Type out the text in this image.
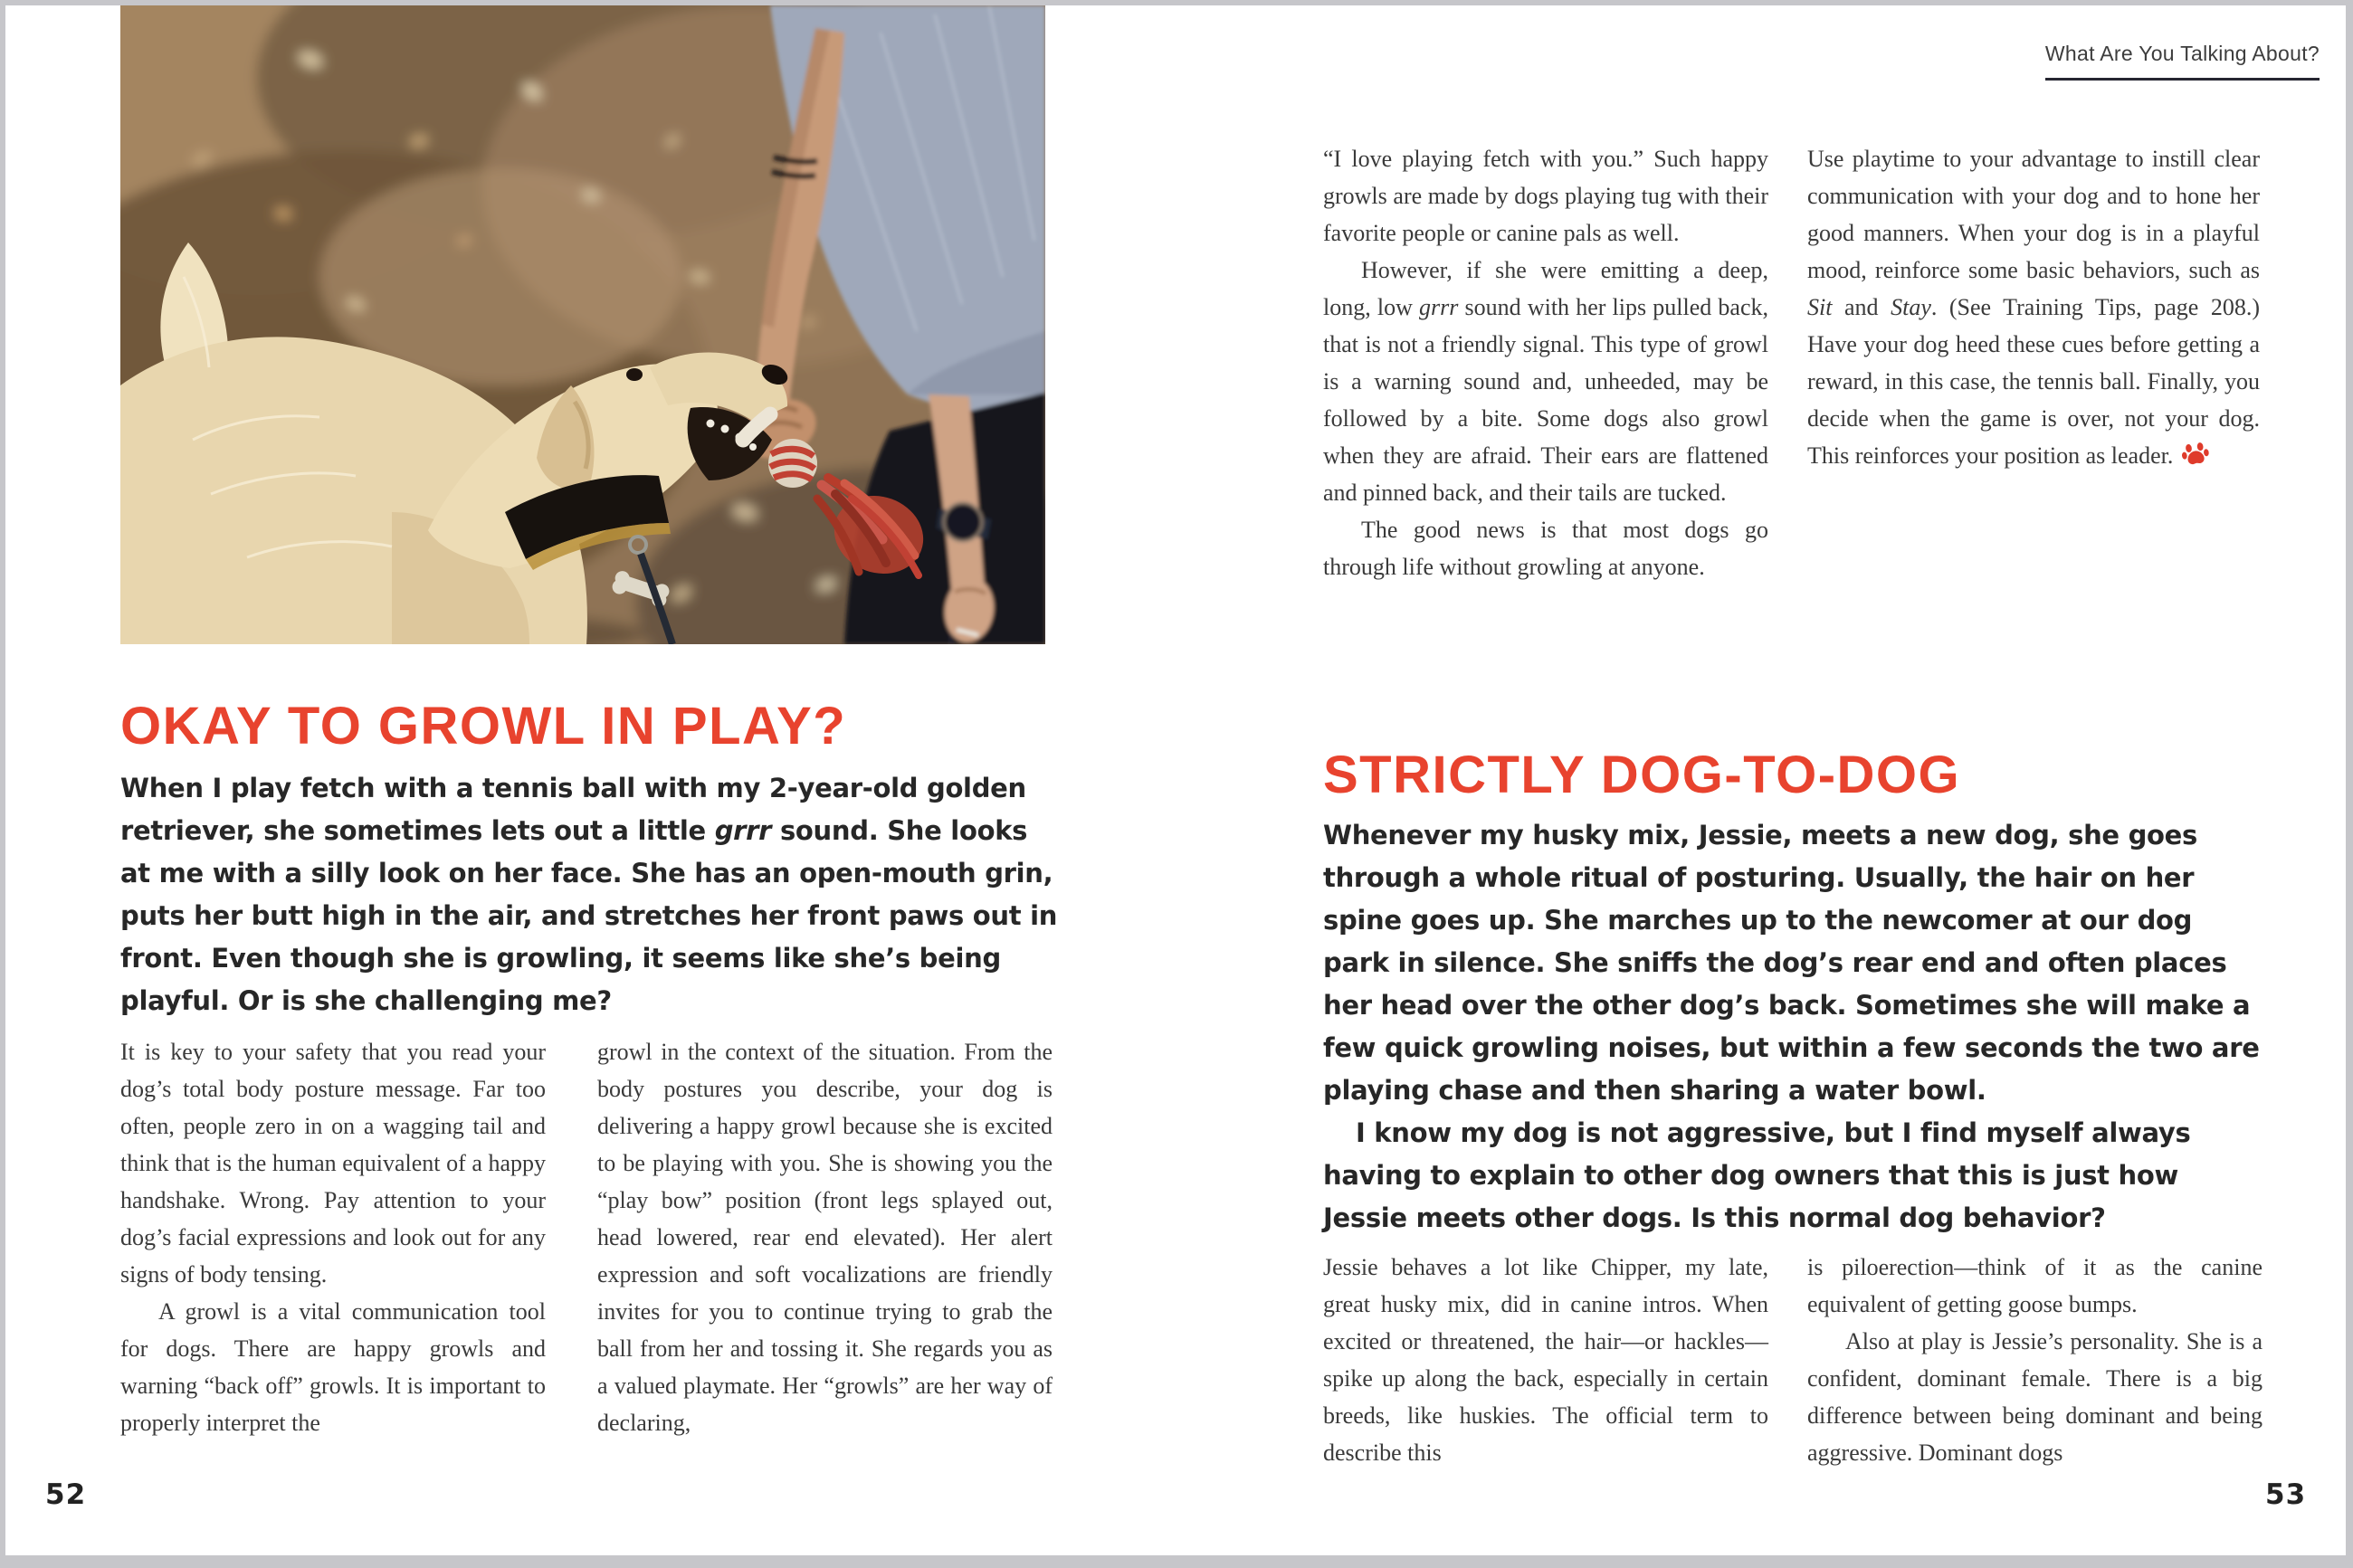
OKAY TO GROWL IN PLAY?

When I play fetch with a tennis ball with my 2-year-old golden retriever, she sometimes lets out a little grrr sound. She looks at me with a silly look on her face. She has an open-mouth grin, puts her butt high in the air, and stretches her front paws out in front. Even though she is growling, it seems like she’s being playful. Or is she challenging me?

It is key to your safety that you read your dog’s total body posture message. Far too often, people zero in on a wagging tail and think that is the human equivalent of a happy handshake. Wrong. Pay attention to your dog’s facial expressions and look out for any signs of body tensing.

A growl is a vital communication tool for dogs. There are happy growls and warning “back off” growls. It is important to properly interpret the

growl in the context of the situation. From the body postures you describe, your dog is delivering a happy growl because she is excited to be playing with you. She is showing you the “play bow” position (front legs splayed out, head lowered, rear end elevated). Her alert expression and soft vocalizations are friendly invites for you to continue trying to grab the ball from her and tossing it. She regards you as a valued playmate. Her “growls” are her way of declaring,

52
What Are You Talking About?

“I love playing fetch with you.” Such happy growls are made by dogs playing tug with their favorite people or canine pals as well.

However, if she were emitting a deep, long, low grrr sound with her lips pulled back, that is not a friendly signal. This type of growl is a warning sound and, unheeded, may be followed by a bite. Some dogs also growl when they are afraid. Their ears are flattened and pinned back, and their tails are tucked.

The good news is that most dogs go through life without growling at anyone.

Use playtime to your advantage to instill clear communication with your dog and to hone her good manners. When your dog is in a playful mood, reinforce some basic behaviors, such as Sit and Stay. (See Training Tips, page 208.) Have your dog heed these cues before getting a reward, in this case, the tennis ball. Finally, you decide when the game is over, not your dog. This reinforces your position as leader.

STRICTLY DOG-TO-DOG

Whenever my husky mix, Jessie, meets a new dog, she goes through a whole ritual of posturing. Usually, the hair on her spine goes up. She marches up to the newcomer at our dog park in silence. She sniffs the dog’s rear end and often places her head over the other dog’s back. Sometimes she will make a few quick growling noises, but within a few seconds the two are playing chase and then sharing a water bowl.

I know my dog is not aggressive, but I find myself always having to explain to other dog owners that this is just how Jessie meets other dogs. Is this normal dog behavior?

Jessie behaves a lot like Chipper, my late, great husky mix, did in canine intros. When excited or threatened, the hair—or hackles—spike up along the back, especially in certain breeds, like huskies. The official term to describe this

is piloerection—think of it as the canine equivalent of getting goose bumps.

Also at play is Jessie’s personality. She is a confident, dominant female. There is a big difference between being dominant and being aggressive. Dominant dogs

53
